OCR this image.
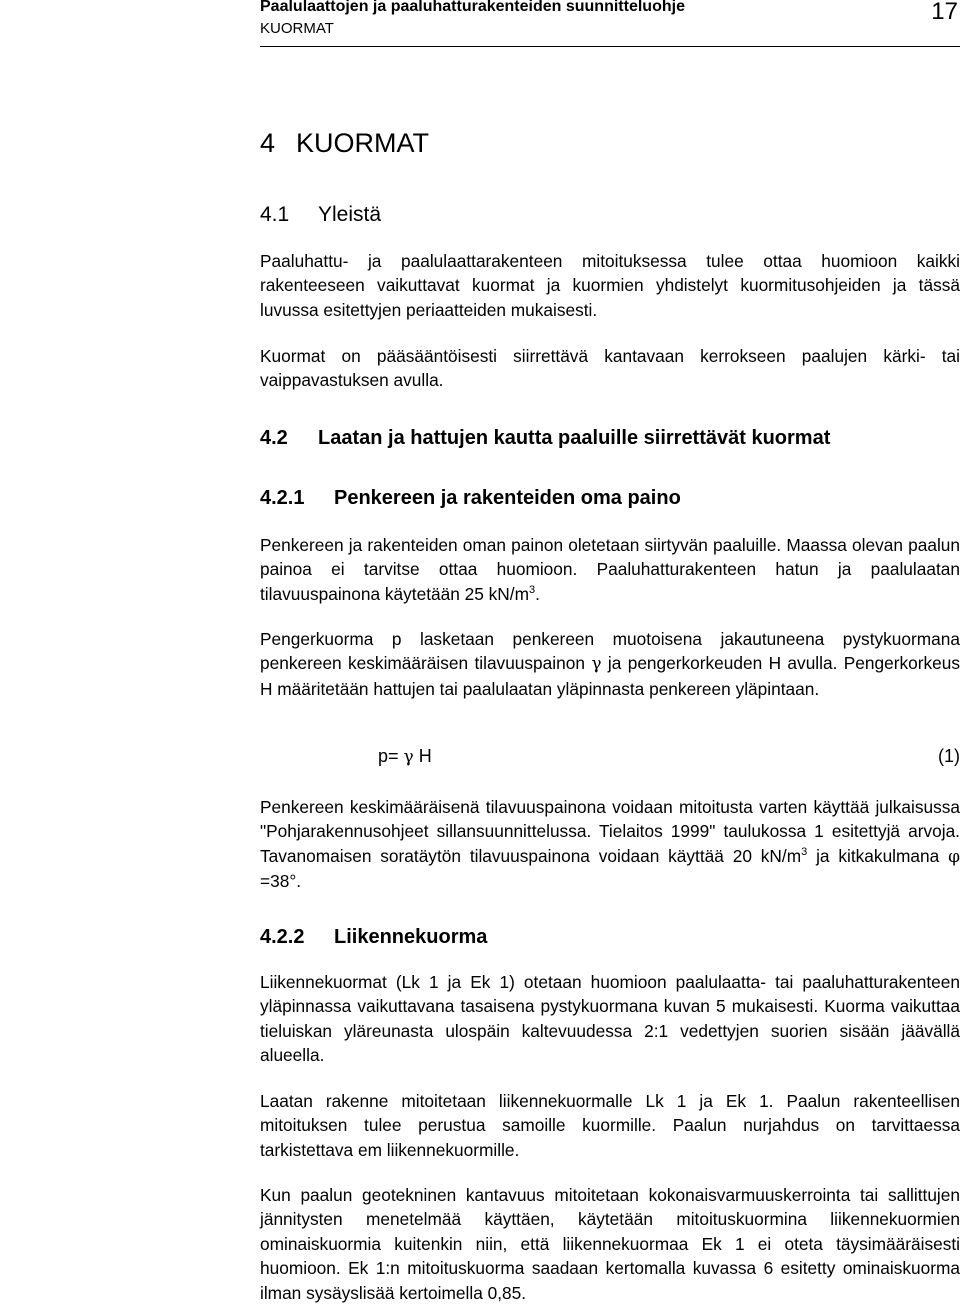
Paalulaattojen ja paaluhatturakenteiden suunnitteluohje
KUORMAT
17
4 KUORMAT
4.1 Yleistä

Paaluhattu- ja paalulaattarakenteen mitoituksessa tulee ottaa huomioon kaikki rakenteeseen vaikuttavat kuormat ja kuormien yhdistelyt kuormitusohjeiden ja tässä luvussa esitettyjen periaatteiden mukaisesti.

Kuormat on pääsääntöisesti siirrettävä kantavaan kerrokseen paalujen kärki- tai vaippavastuksen avulla.

4.2 Laatan ja hattujen kautta paaluille siirrettävät kuormat
4.2.1 Penkereen ja rakenteiden oma paino

Penkereen ja rakenteiden oman painon oletetaan siirtyvän paaluille. Maassa olevan paalun painoa ei tarvitse ottaa huomioon. Paaluhatturakenteen hatun ja paalulaatan tilavuuspainona käytetään 25 $kN/m^3$.

Pengerkuorma p lasketaan penkereen muotoisena jakautuneena pystykuormana penkereen keskimääräisen tilavuuspainon γ ja pengerkorkeuden H avulla. Pengerkorkeus H määritetään hattujen tai paalulaatan yläpinnasta penkereen yläpintaan.

p= γ H	(1)

Penkereen keskimääräisenä tilavuuspainona voidaan mitoitusta varten käyttää julkaisussa "Pohjarakennusohjeet sillansuunnittelussa. Tielaitos 1999" taulukossa 1 esitettyjä arvoja. Tavanomaisen soratäytön tilavuuspainona voidaan käyttää 20 $kN/m^3$ ja kitkakulmana φ =38°.

4.2.2 Liikennekuorma

Liikennekuormat (Lk 1 ja Ek 1) otetaan huomioon paalulaatta- tai paaluhatturakenteen yläpinnassa vaikuttavana tasaisena pystykuormana kuvan 5 mukaisesti. Kuorma vaikuttaa tieluiskan yläreunasta ulospäin kaltevuudessa 2:1 vedettyjen suorien sisään jäävällä alueella.

Laatan rakenne mitoitetaan liikennekuormalle Lk 1 ja Ek 1. Paalun rakenteellisen mitoituksen tulee perustua samoille kuormille. Paalun nurjahdus on tarvittaessa tarkistettava em liikennekuormille.

Kun paalun geotekninen kantavuus mitoitetaan kokonaisvarmuuskerrointa tai sallittujen jännitysten menetelmää käyttäen, käytetään mitoituskuormina liikennekuormien ominaiskuormia kuitenkin niin, että liikennekuormaa Ek 1 ei oteta täysimääräisesti huomioon. Ek 1:n mitoituskuorma saadaan kertomalla kuvassa 6 esitetty ominaiskuorma ilman sysäyslisää kertoimella 0,85.
